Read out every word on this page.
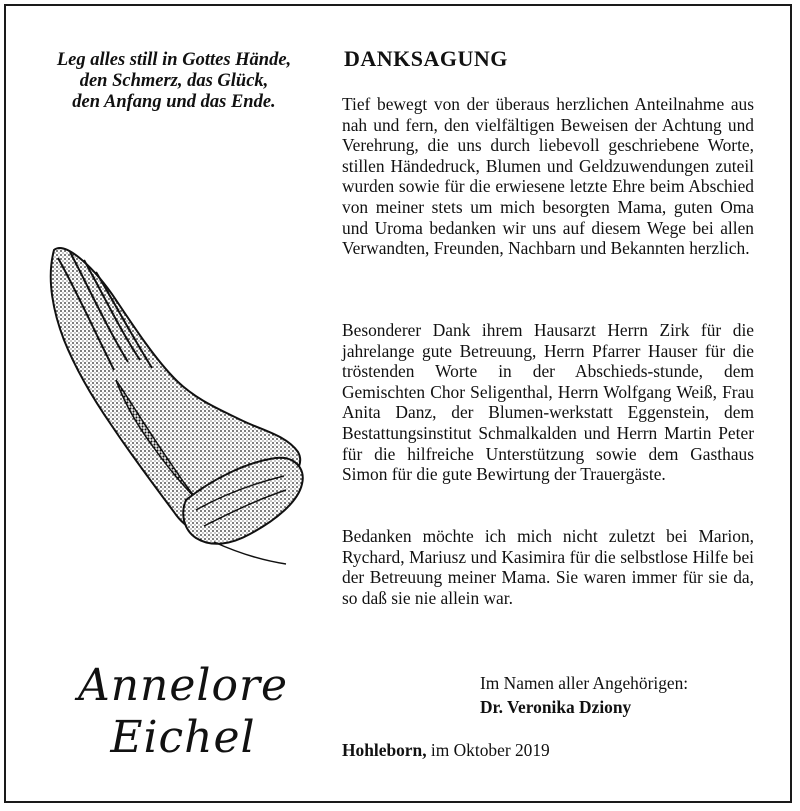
Leg alles still in Gottes Hände,
den Schmerz, das Glück,
den Anfang und das Ende.
Annelore
Eichel
DANKSAGUNG
Tief bewegt von der überaus herzlichen Anteilnahme aus nah und fern, den vielfältigen Beweisen der Achtung und Verehrung, die uns durch liebevoll geschriebene Worte, stillen Händedruck, Blumen und Geldzuwendungen zuteil wurden sowie für die erwiesene letzte Ehre beim Abschied von meiner stets um mich besorgten Mama, guten Oma und Uroma bedanken wir uns auf diesem Wege bei allen Verwandten, Freunden, Nachbarn und Bekannten herzlich.
Besonderer Dank ihrem Hausarzt Herrn Zirk für die jahrelange gute Betreuung, Herrn Pfarrer Hauser für die tröstenden Worte in der Abschieds-stunde, dem Gemischten Chor Seligenthal, Herrn Wolfgang Weiß, Frau Anita Danz, der Blumen-werkstatt Eggenstein, dem Bestattungsinstitut Schmalkalden und Herrn Martin Peter für die hilfreiche Unterstützung sowie dem Gasthaus Simon für die gute Bewirtung der Trauergäste.
Bedanken möchte ich mich nicht zuletzt bei Marion, Rychard, Mariusz und Kasimira für die selbstlose Hilfe bei der Betreuung meiner Mama. Sie waren immer für sie da, so daß sie nie allein war.
Im Namen aller Angehörigen:
Dr. Veronika Dziony
Hohleborn, im Oktober 2019
